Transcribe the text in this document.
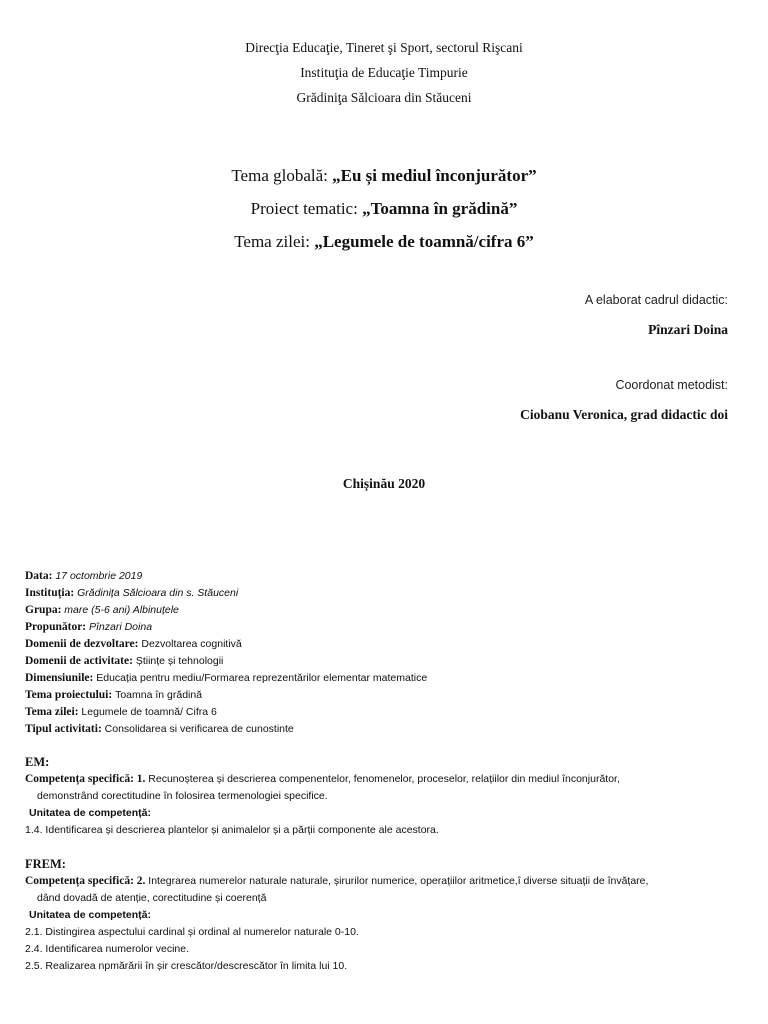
Direcţia Educaţie, Tineret şi Sport, sectorul Rişcani
Instituţia de Educaţie Timpurie
Grădiniţa Sălcioara din Stăuceni
Tema globală: „Eu și mediul înconjurător”
Proiect tematic: „Toamna în grădină”
Tema zilei: „Legumele de toamnă/cifra 6”
A elaborat cadrul didactic:
Pînzari Doina
Coordonat metodist:
Ciobanu Veronica, grad didactic doi
Chișinău 2020
Data: 17 octombrie 2019
Instituția: Grădinița Sălcioara din s. Stăuceni
Grupa: mare (5-6 ani) Albinuțele
Propunător: Pînzari Doina
Domenii de dezvoltare: Dezvoltarea cognitivă
Domenii de activitate: Științe și tehnologii
Dimensiunile: Educația pentru mediu/Formarea reprezentărilor elementar matematice
Tema proiectului: Toamna în grădină
Tema zilei: Legumele de toamnă/ Cifra 6
Tipul activitati: Consolidarea si verificarea de cunostinte
EM:
Competența specifică: 1. Recunoșterea și descrierea compenentelor, fenomenelor, proceselor, relațiilor din mediul înconjurător,
demonstrând corectitudine în folosirea termenologiei specifice.
Unitatea de competență:
1.4. Identificarea și descrierea plantelor și animalelor și a părții componente ale acestora.
FREM:
Competența specifică: 2. Integrarea numerelor naturale naturale, șirurilor numerice, operațiilor aritmetice,î diverse situații de învățare,
dând dovadă de atenție, corectitudine și coerență
Unitatea de competență:
2.1. Distingirea aspectului cardinal și ordinal al numerelor naturale 0-10.
2.4. Identificarea numerolor vecine.
2.5. Realizarea npmărării în șir crescător/descrescător în limita lui 10.
